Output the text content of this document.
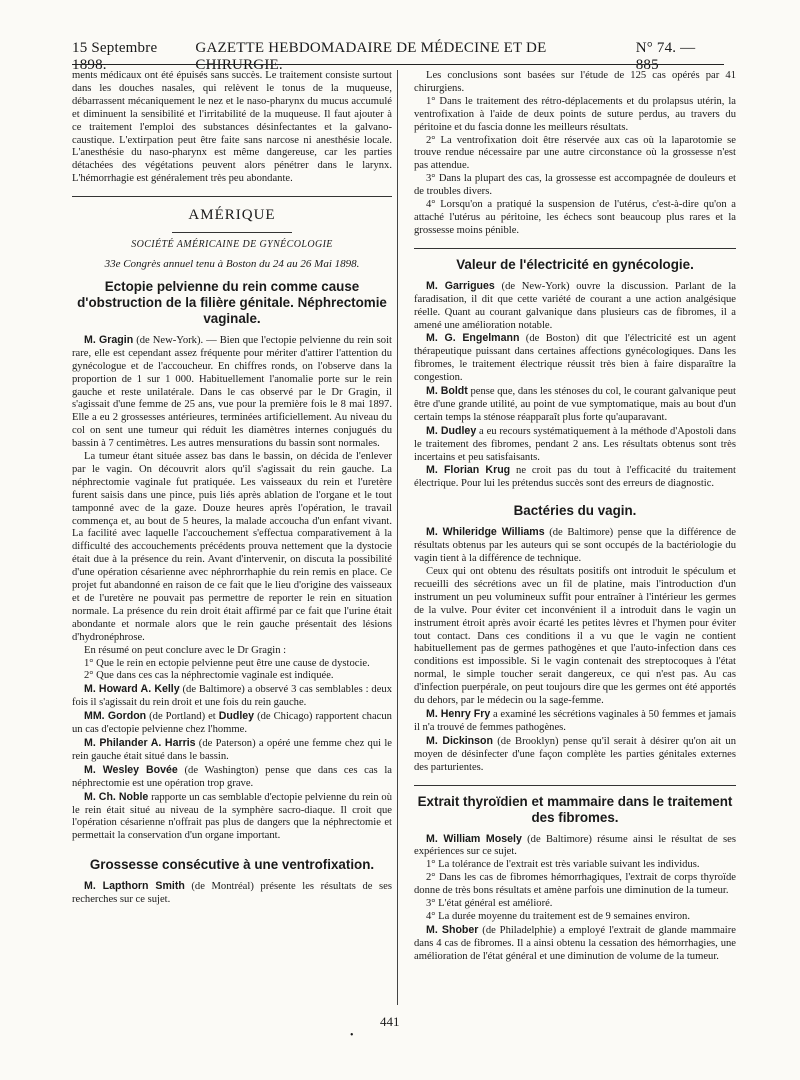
15 Septembre 1898.
GAZETTE HEBDOMADAIRE DE MÉDECINE ET DE CHIRURGIE.
N° 74. — 885

ments médicaux ont été épuisés sans succès. Le traitement consiste surtout dans les douches nasales, qui relèvent le tonus de la muqueuse, débarrassent mécaniquement le nez et le naso-pharynx du mucus accumulé et diminuent la sensibilité et l'irritabilité de la muqueuse. Il faut ajouter à ce traitement l'emploi des substances désinfectantes et la galvano-caustique. L'extirpation peut être faite sans narcose ni anesthésie locale. L'anesthésie du naso-pharynx est même dangereuse, car les parties détachées des végétations peuvent alors pénétrer dans le larynx. L'hémorrhagie est généralement très peu abondante.

AMÉRIQUE
SOCIÉTÉ AMÉRICAINE DE GYNÉCOLOGIE
33e Congrès annuel tenu à Boston du 24 au 26 Mai 1898.
Ectopie pelvienne du rein comme cause d'obstruction de la filière génitale. Néphrectomie vaginale.

M. Gragin (de New-York). — Bien que l'ectopie pelvienne du rein soit rare, elle est cependant assez fréquente pour mériter d'attirer l'attention du gynécologue et de l'accoucheur. En chiffres ronds, on l'observe dans la proportion de 1 sur 1 000. Habituellement l'anomalie porte sur le rein gauche et reste unilatérale. Dans le cas observé par le Dr Gragin, il s'agissait d'une femme de 25 ans, vue pour la première fois le 8 mai 1897. Elle a eu 2 grossesses antérieures, terminées artificiellement. Au niveau du col on sent une tumeur qui réduit les diamètres internes conjugués du bassin à 7 centimètres. Les autres mensurations du bassin sont normales.

La tumeur étant située assez bas dans le bassin, on décida de l'enlever par le vagin. On découvrit alors qu'il s'agissait du rein gauche. La néphrectomie vaginale fut pratiquée. Les vaisseaux du rein et l'uretère furent saisis dans une pince, puis liés après ablation de l'organe et le tout tamponné avec de la gaze. Douze heures après l'opération, le travail commença et, au bout de 5 heures, la malade accoucha d'un enfant vivant. La facilité avec laquelle l'accouchement s'effectua comparativement à la difficulté des accouchements précédents prouva nettement que la dystocie était due à la présence du rein. Avant d'intervenir, on discuta la possibilité d'une opération césarienne avec néphrorrhaphie du rein remis en place. Ce projet fut abandonné en raison de ce fait que le lieu d'origine des vaisseaux et de l'uretère ne pouvait pas permettre de reporter le rein en situation normale. La présence du rein droit était affirmé par ce fait que l'urine était abondante et normale alors que le rein gauche présentait des lésions d'hydronéphrose.

En résumé on peut conclure avec le Dr Gragin :

1° Que le rein en ectopie pelvienne peut être une cause de dystocie.

2° Que dans ces cas la néphrectomie vaginale est indiquée.

M. Howard A. Kelly (de Baltimore) a observé 3 cas semblables : deux fois il s'agissait du rein droit et une fois du rein gauche.

MM. Gordon (de Portland) et Dudley (de Chicago) rapportent chacun un cas d'ectopie pelvienne chez l'homme.

M. Philander A. Harris (de Paterson) a opéré une femme chez qui le rein gauche était situé dans le bassin.

M. Wesley Bovée (de Washington) pense que dans ces cas la néphrectomie est une opération trop grave.

M. Ch. Noble rapporte un cas semblable d'ectopie pelvienne du rein où le rein était situé au niveau de la symphère sacro-diaque. Il croit que l'opération césarienne n'offrait pas plus de dangers que la néphrectomie et permettait la conservation d'un organe important.

Grossesse consécutive à une ventrofixation.

M. Lapthorn Smith (de Montréal) présente les résultats de ses recherches sur ce sujet.

Les conclusions sont basées sur l'étude de 125 cas opérés par 41 chirurgiens.

1° Dans le traitement des rétro-déplacements et du prolapsus utérin, la ventrofixation à l'aide de deux points de suture perdus, au travers du péritoine et du fascia donne les meilleurs résultats.

2° La ventrofixation doit être réservée aux cas où la laparotomie se trouve rendue nécessaire par une autre circonstance où la grossesse n'est pas attendue.

3° Dans la plupart des cas, la grossesse est accompagnée de douleurs et de troubles divers.

4° Lorsqu'on a pratiqué la suspension de l'utérus, c'est-à-dire qu'on a attaché l'utérus au péritoine, les échecs sont beaucoup plus rares et la grossesse moins pénible.

Valeur de l'électricité en gynécologie.

M. Garrigues (de New-York) ouvre la discussion. Parlant de la faradisation, il dit que cette variété de courant a une action analgésique réelle. Quant au courant galvanique dans plusieurs cas de fibromes, il a amené une amélioration notable.

M. G. Engelmann (de Boston) dit que l'électricité est un agent thérapeutique puissant dans certaines affections gynécologiques. Dans les fibromes, le traitement électrique réussit très bien à faire disparaître la congestion.

M. Boldt pense que, dans les sténoses du col, le courant galvanique peut être d'une grande utilité, au point de vue symptomatique, mais au bout d'un certain temps la sténose réapparaît plus forte qu'auparavant.

M. Dudley a eu recours systématiquement à la méthode d'Apostoli dans le traitement des fibromes, pendant 2 ans. Les résultats obtenus sont très incertains et peu satisfaisants.

M. Florian Krug ne croit pas du tout à l'efficacité du traitement électrique. Pour lui les prétendus succès sont des erreurs de diagnostic.

Bactéries du vagin.

M. Whileridge Williams (de Baltimore) pense que la différence de résultats obtenus par les auteurs qui se sont occupés de la bactériologie du vagin tient à la différence de technique.

Ceux qui ont obtenu des résultats positifs ont introduit le spéculum et recueilli des sécrétions avec un fil de platine, mais l'introduction d'un instrument un peu volumineux suffit pour entraîner à l'intérieur les germes de la vulve. Pour éviter cet inconvénient il a introduit dans le vagin un instrument étroit après avoir écarté les petites lèvres et l'hymen pour éviter tout contact. Dans ces conditions il a vu que le vagin ne contient habituellement pas de germes pathogènes et que l'auto-infection dans ces conditions est impossible. Si le vagin contenait des streptocoques à l'état normal, le simple toucher serait dangereux, ce qui n'est pas. Au cas d'infection puerpérale, on peut toujours dire que les germes ont été apportés du dehors, par le médecin ou la sage-femme.

M. Henry Fry a examiné les sécrétions vaginales à 50 femmes et jamais il n'a trouvé de femmes pathogènes.

M. Dickinson (de Brooklyn) pense qu'il serait à désirer qu'on ait un moyen de désinfecter d'une façon complète les parties génitales externes des parturientes.

Extrait thyroïdien et mammaire dans le traitement des fibromes.

M. William Mosely (de Baltimore) résume ainsi le résultat de ses expériences sur ce sujet.

1° La tolérance de l'extrait est très variable suivant les individus.

2° Dans les cas de fibromes hémorrhagiques, l'extrait de corps thyroïde donne de très bons résultats et amène parfois une diminution de la tumeur.

3° L'état général est amélioré.

4° La durée moyenne du traitement est de 9 semaines environ.

M. Shober (de Philadelphie) a employé l'extrait de glande mammaire dans 4 cas de fibromes. Il a ainsi obtenu la cessation des hémorrhagies, une amélioration de l'état général et une diminution de volume de la tumeur.

441
•
